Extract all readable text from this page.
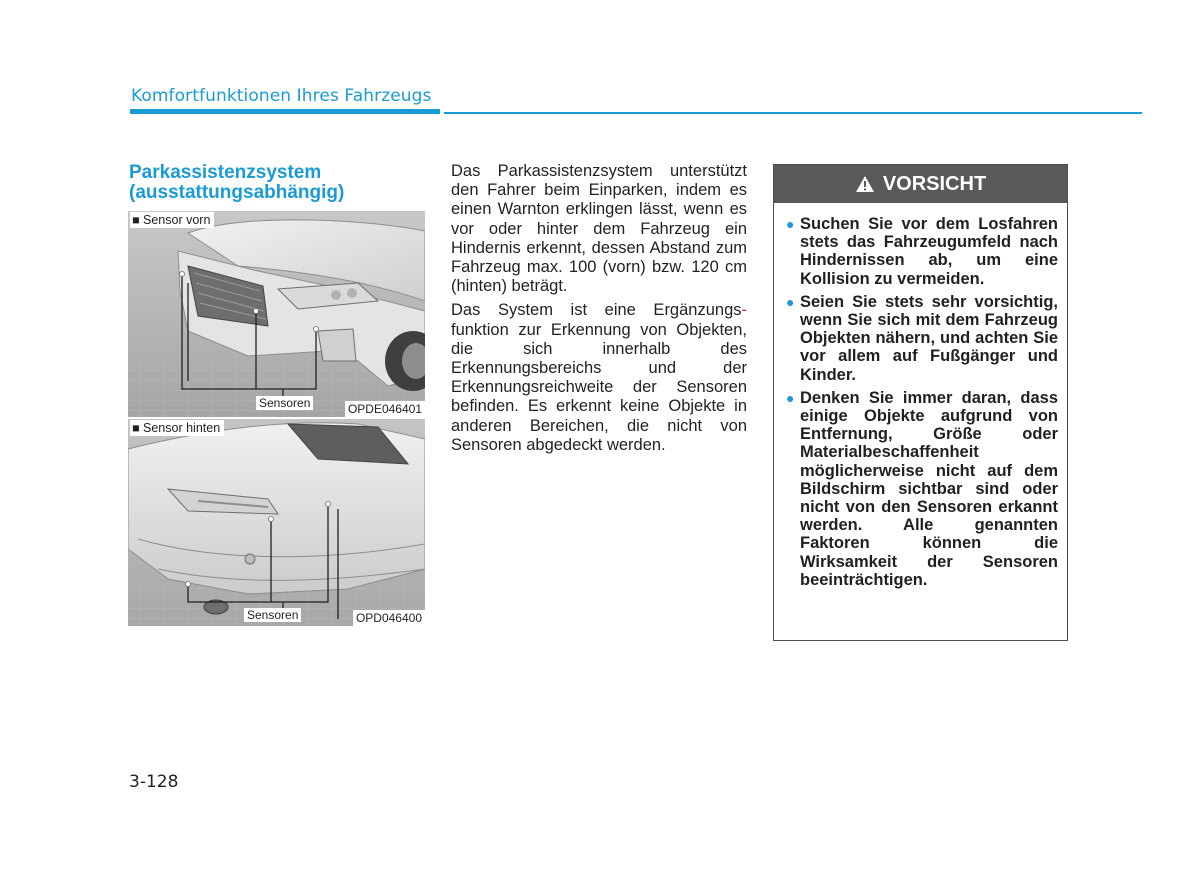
Komfortfunktionen Ihres Fahrzeugs
Parkassistenzsystem
(ausstattungsabhängig)
■ Sensor vorn
Sensoren	OPDE046401
■ Sensor hinten
Sensoren	OPD046400

Das Parkassistenzsystem unterstützt den Fahrer beim Einparken, indem es einen Warnton erklingen lässt, wenn es vor oder hinter dem Fahrzeug ein Hindernis erkennt, dessen Abstand zum Fahrzeug max. 100 (vorn) bzw. 120 cm (hinten) beträgt.

Das System ist eine Ergänzungs-funktion zur Erkennung von Objekten, die sich innerhalb des Erkennungsbereichs und der Erkennungsreichweite der Sensoren befinden. Es erkennt keine Objekte in anderen Bereichen, die nicht von Sensoren abgedeckt werden.

VORSICHT
● Suchen Sie vor dem Losfahren stets das Fahrzeugumfeld nach Hindernissen ab, um eine Kollision zu vermeiden.
● Seien Sie stets sehr vorsichtig, wenn Sie sich mit dem Fahrzeug Objekten nähern, und achten Sie vor allem auf Fußgänger und Kinder.
● Denken Sie immer daran, dass einige Objekte aufgrund von Entfernung, Größe oder Materialbeschaffenheit möglicherweise nicht auf dem Bildschirm sichtbar sind oder nicht von den Sensoren erkannt werden. Alle genannten Faktoren können die Wirksamkeit der Sensoren beeinträchtigen.
3-128
